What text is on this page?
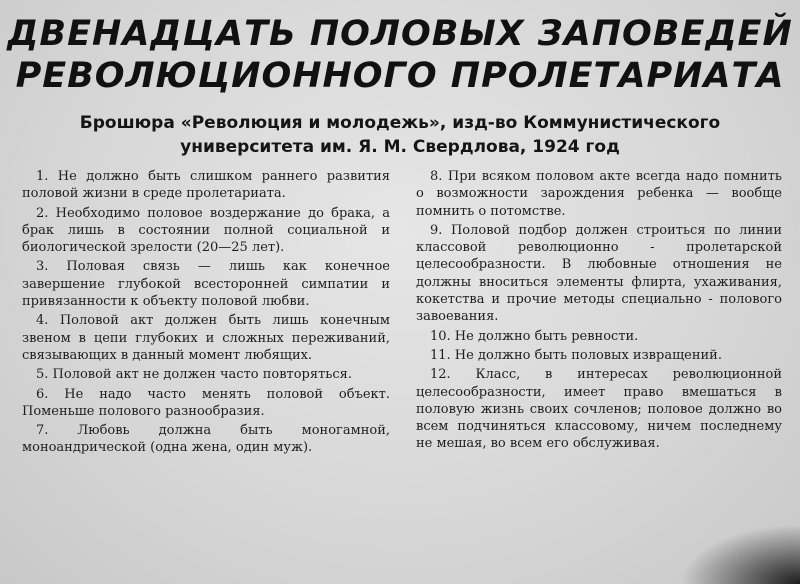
ДВЕНАДЦАТЬ ПОЛОВЫХ ЗАПОВЕДЕЙ
РЕВОЛЮЦИОННОГО ПРОЛЕТАРИАТА
Брошюра «Революция и молодежь», изд-во Коммунистического
университета им. Я. М. Свердлова, 1924 год

1. Не должно быть слишком раннего развития половой жизни в среде пролетариата.

2. Необходимо половое воздержание до брака, а брак лишь в состоянии полной социальной и биологической зрелости (20—25 лет).

3. Половая связь — лишь как конечное завершение глубокой всесторонней симпатии и привязанности к объекту половой любви.

4. Половой акт должен быть лишь конечным звеном в цепи глубоких и сложных переживаний, связывающих в данный момент любящих.

5. Половой акт не должен часто повторяться.

6. Не надо часто менять половой объект. Поменьше полового разнообразия.

7. Любовь должна быть моногамной, моноандрической (одна жена, один муж).

8. При всяком половом акте всегда надо помнить о возможности зарождения ребенка — вообще помнить о потомстве.

9. Половой подбор должен строиться по линии классовой революционно - пролетарской целесообразности. В любовные отношения не должны вноситься элементы флирта, ухаживания, кокетства и прочие методы специально - полового завоевания.

10. Не должно быть ревности.

11. Не должно быть половых извращений.

12. Класс, в интересах революционной целесообразности, имеет право вмешаться в половую жизнь своих сочленов; половое должно во всем подчиняться классовому, ничем последнему не мешая, во всем его обслуживая.
